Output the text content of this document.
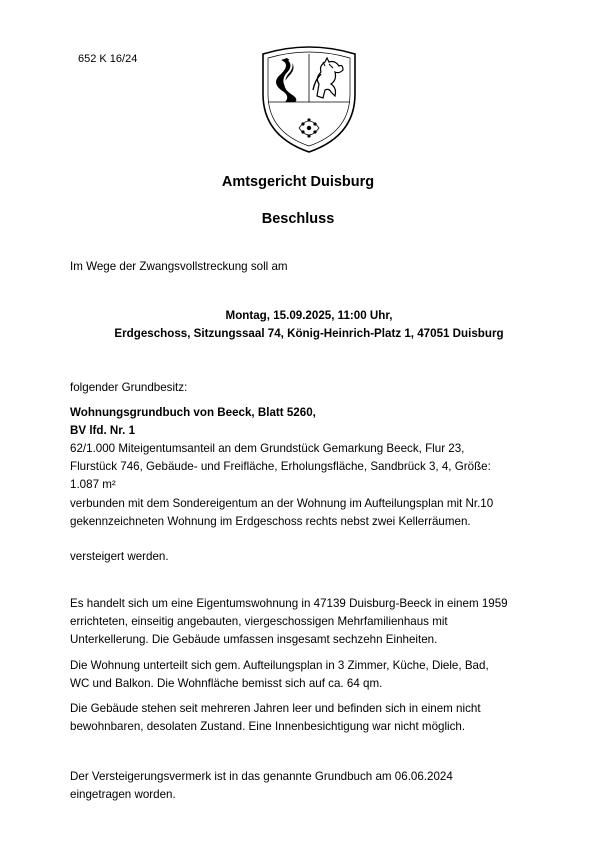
652 K 16/24
Amtsgericht Duisburg
Beschluss
Im Wege der Zwangsvollstreckung soll am
Montag, 15.09.2025, 11:00 Uhr,
Erdgeschoss, Sitzungssaal 74, König-Heinrich-Platz 1, 47051 Duisburg
folgender Grundbesitz:
Wohnungsgrundbuch von Beeck, Blatt 5260,
BV lfd. Nr. 1
62/1.000 Miteigentumsanteil an dem Grundstück Gemarkung Beeck, Flur 23,
Flurstück 746, Gebäude- und Freifläche, Erholungsfläche, Sandbrück 3, 4, Größe:
1.087 m²
verbunden mit dem Sondereigentum an der Wohnung im Aufteilungsplan mit Nr.10
gekennzeichneten Wohnung im Erdgeschoss rechts nebst zwei Kellerräumen.
versteigert werden.
Es handelt sich um eine Eigentumswohnung in 47139 Duisburg-Beeck in einem 1959
errichteten, einseitig angebauten, viergeschossigen Mehrfamilienhaus mit
Unterkellerung. Die Gebäude umfassen insgesamt sechzehn Einheiten.
Die Wohnung unterteilt sich gem. Aufteilungsplan in 3 Zimmer, Küche, Diele, Bad,
WC und Balkon. Die Wohnfläche bemisst sich auf ca. 64 qm.
Die Gebäude stehen seit mehreren Jahren leer und befinden sich in einem nicht
bewohnbaren, desolaten Zustand. Eine Innenbesichtigung war nicht möglich.
Der Versteigerungsvermerk ist in das genannte Grundbuch am 06.06.2024
eingetragen worden.
